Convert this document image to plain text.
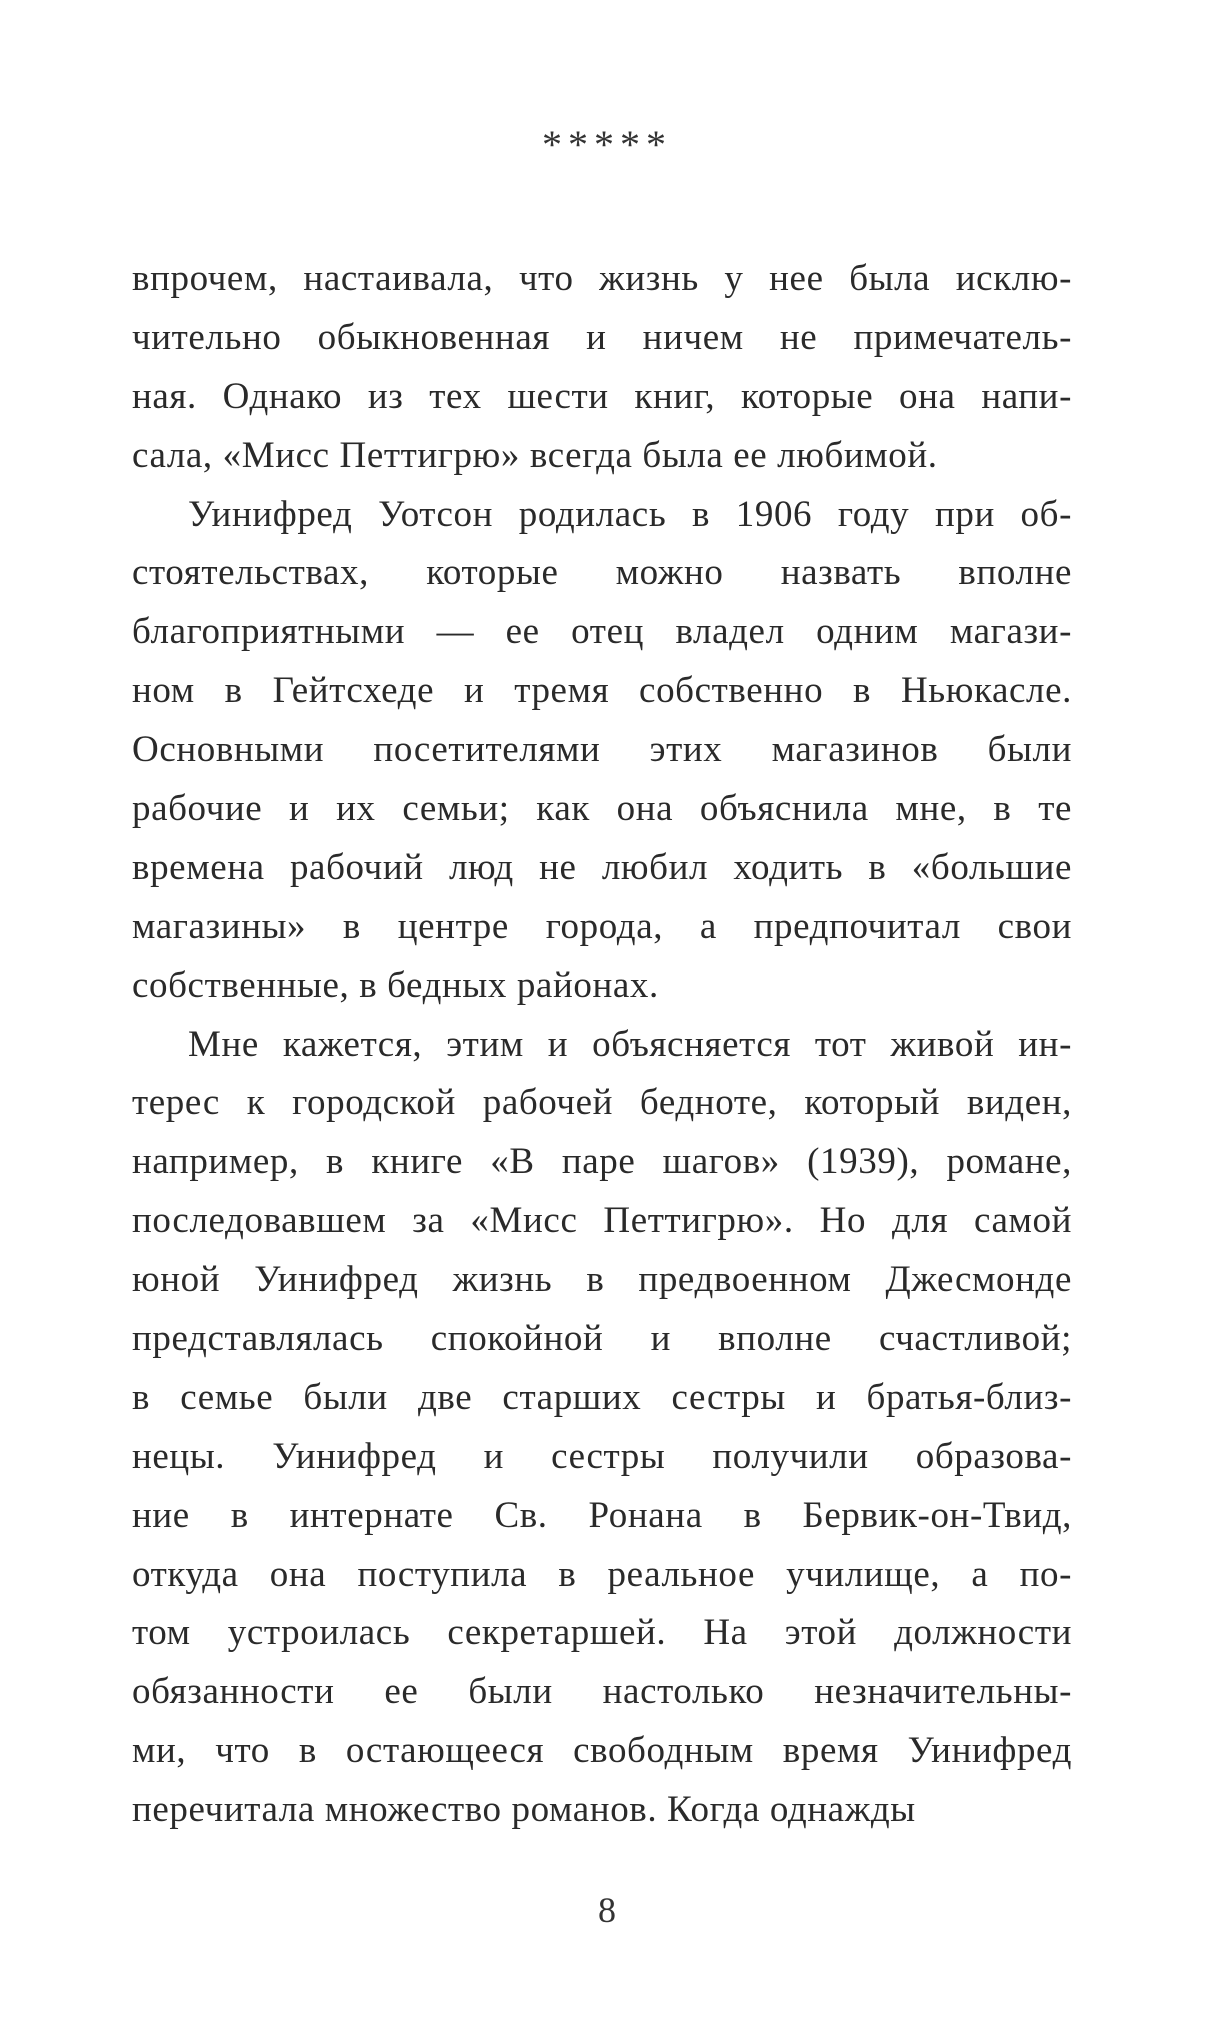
*****
впрочем, настаивала, что жизнь у нее была исклю-
чительно обыкновенная и ничем не примечатель-
ная. Однако из тех шести книг, которые она напи-
сала, «Мисс Петтигрю» всегда была ее любимой.
Уинифред Уотсон родилась в 1906 году при об-
стоятельствах, которые можно назвать вполне
благоприятными — ее отец владел одним магази-
ном в Гейтсхеде и тремя собственно в Ньюкасле.
Основными посетителями этих магазинов были
рабочие и их семьи; как она объяснила мне, в те
времена рабочий люд не любил ходить в «большие
магазины» в центре города, а предпочитал свои
собственные, в бедных районах.
Мне кажется, этим и объясняется тот живой ин-
терес к городской рабочей бедноте, который виден,
например, в книге «В паре шагов» (1939), романе,
последовавшем за «Мисс Петтигрю». Но для самой
юной Уинифред жизнь в предвоенном Джесмонде
представлялась спокойной и вполне счастливой;
в семье были две старших сестры и братья-близ-
нецы. Уинифред и сестры получили образова-
ние в интернате Св. Ронана в Бервик-он-Твид,
откуда она поступила в реальное училище, а по-
том устроилась секретаршей. На этой должности
обязанности ее были настолько незначительны-
ми, что в остающееся свободным время Уинифред
перечитала множество романов. Когда однажды
8
